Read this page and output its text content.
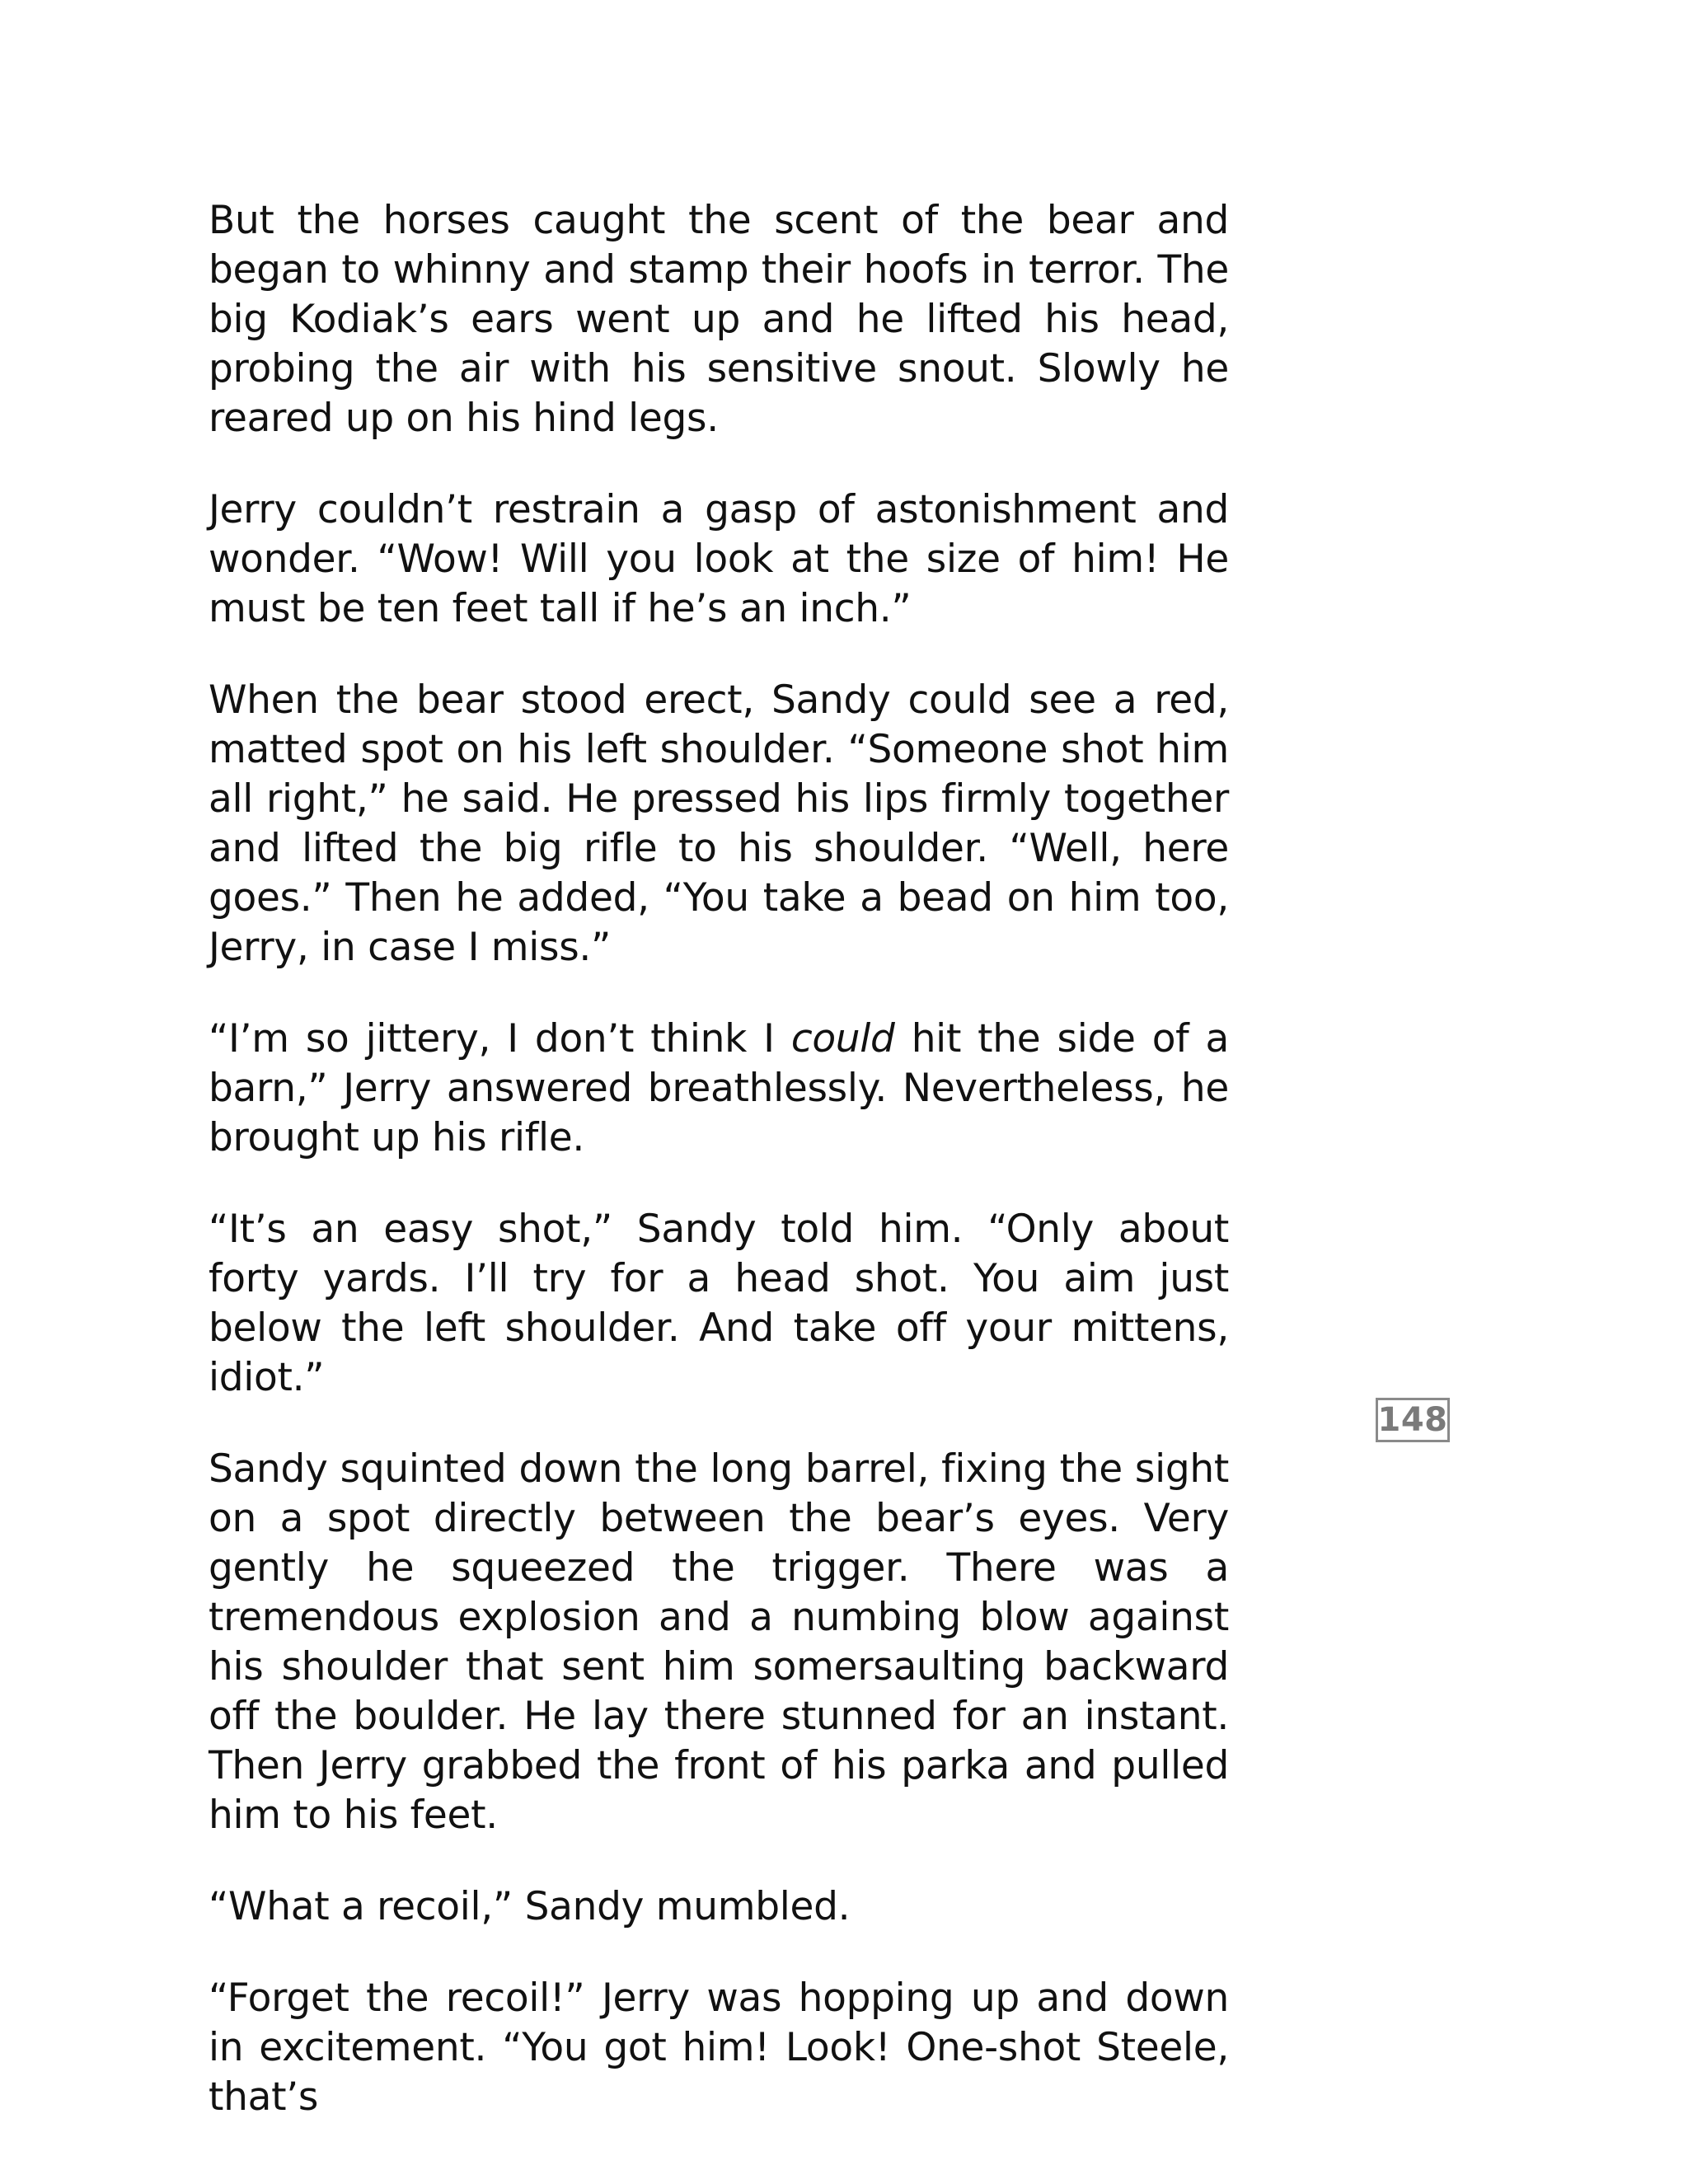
But the horses caught the scent of the bear and began to whinny and stamp their hoofs in terror. The big Kodiak’s ears went up and he lifted his head, probing the air with his sensitive snout. Slowly he reared up on his hind legs.

Jerry couldn’t restrain a gasp of astonishment and wonder. “Wow! Will you look at the size of him! He must be ten feet tall if he’s an inch.”

When the bear stood erect, Sandy could see a red, matted spot on his left shoulder. “Someone shot him all right,” he said. He pressed his lips firmly together and lifted the big rifle to his shoulder. “Well, here goes.” Then he added, “You take a bead on him too, Jerry, in case I miss.”

“I’m so jittery, I don’t think I could hit the side of a barn,” Jerry answered breathlessly. Nevertheless, he brought up his rifle.

“It’s an easy shot,” Sandy told him. “Only about forty yards. I’ll try for a head shot. You aim just below the left shoulder. And take off your mittens, idiot.”

Sandy squinted down the long barrel, fixing the sight on a spot directly between the bear’s eyes. Very gently he squeezed the trigger. There was a tremendous explosion and a numbing blow against his shoulder that sent him somersaulting backward off the boulder. He lay there stunned for an instant. Then Jerry grabbed the front of his parka and pulled him to his feet.

“What a recoil,” Sandy mumbled.

“Forget the recoil!” Jerry was hopping up and down in excitement. “You got him! Look! One-shot Steele, that’s

148
